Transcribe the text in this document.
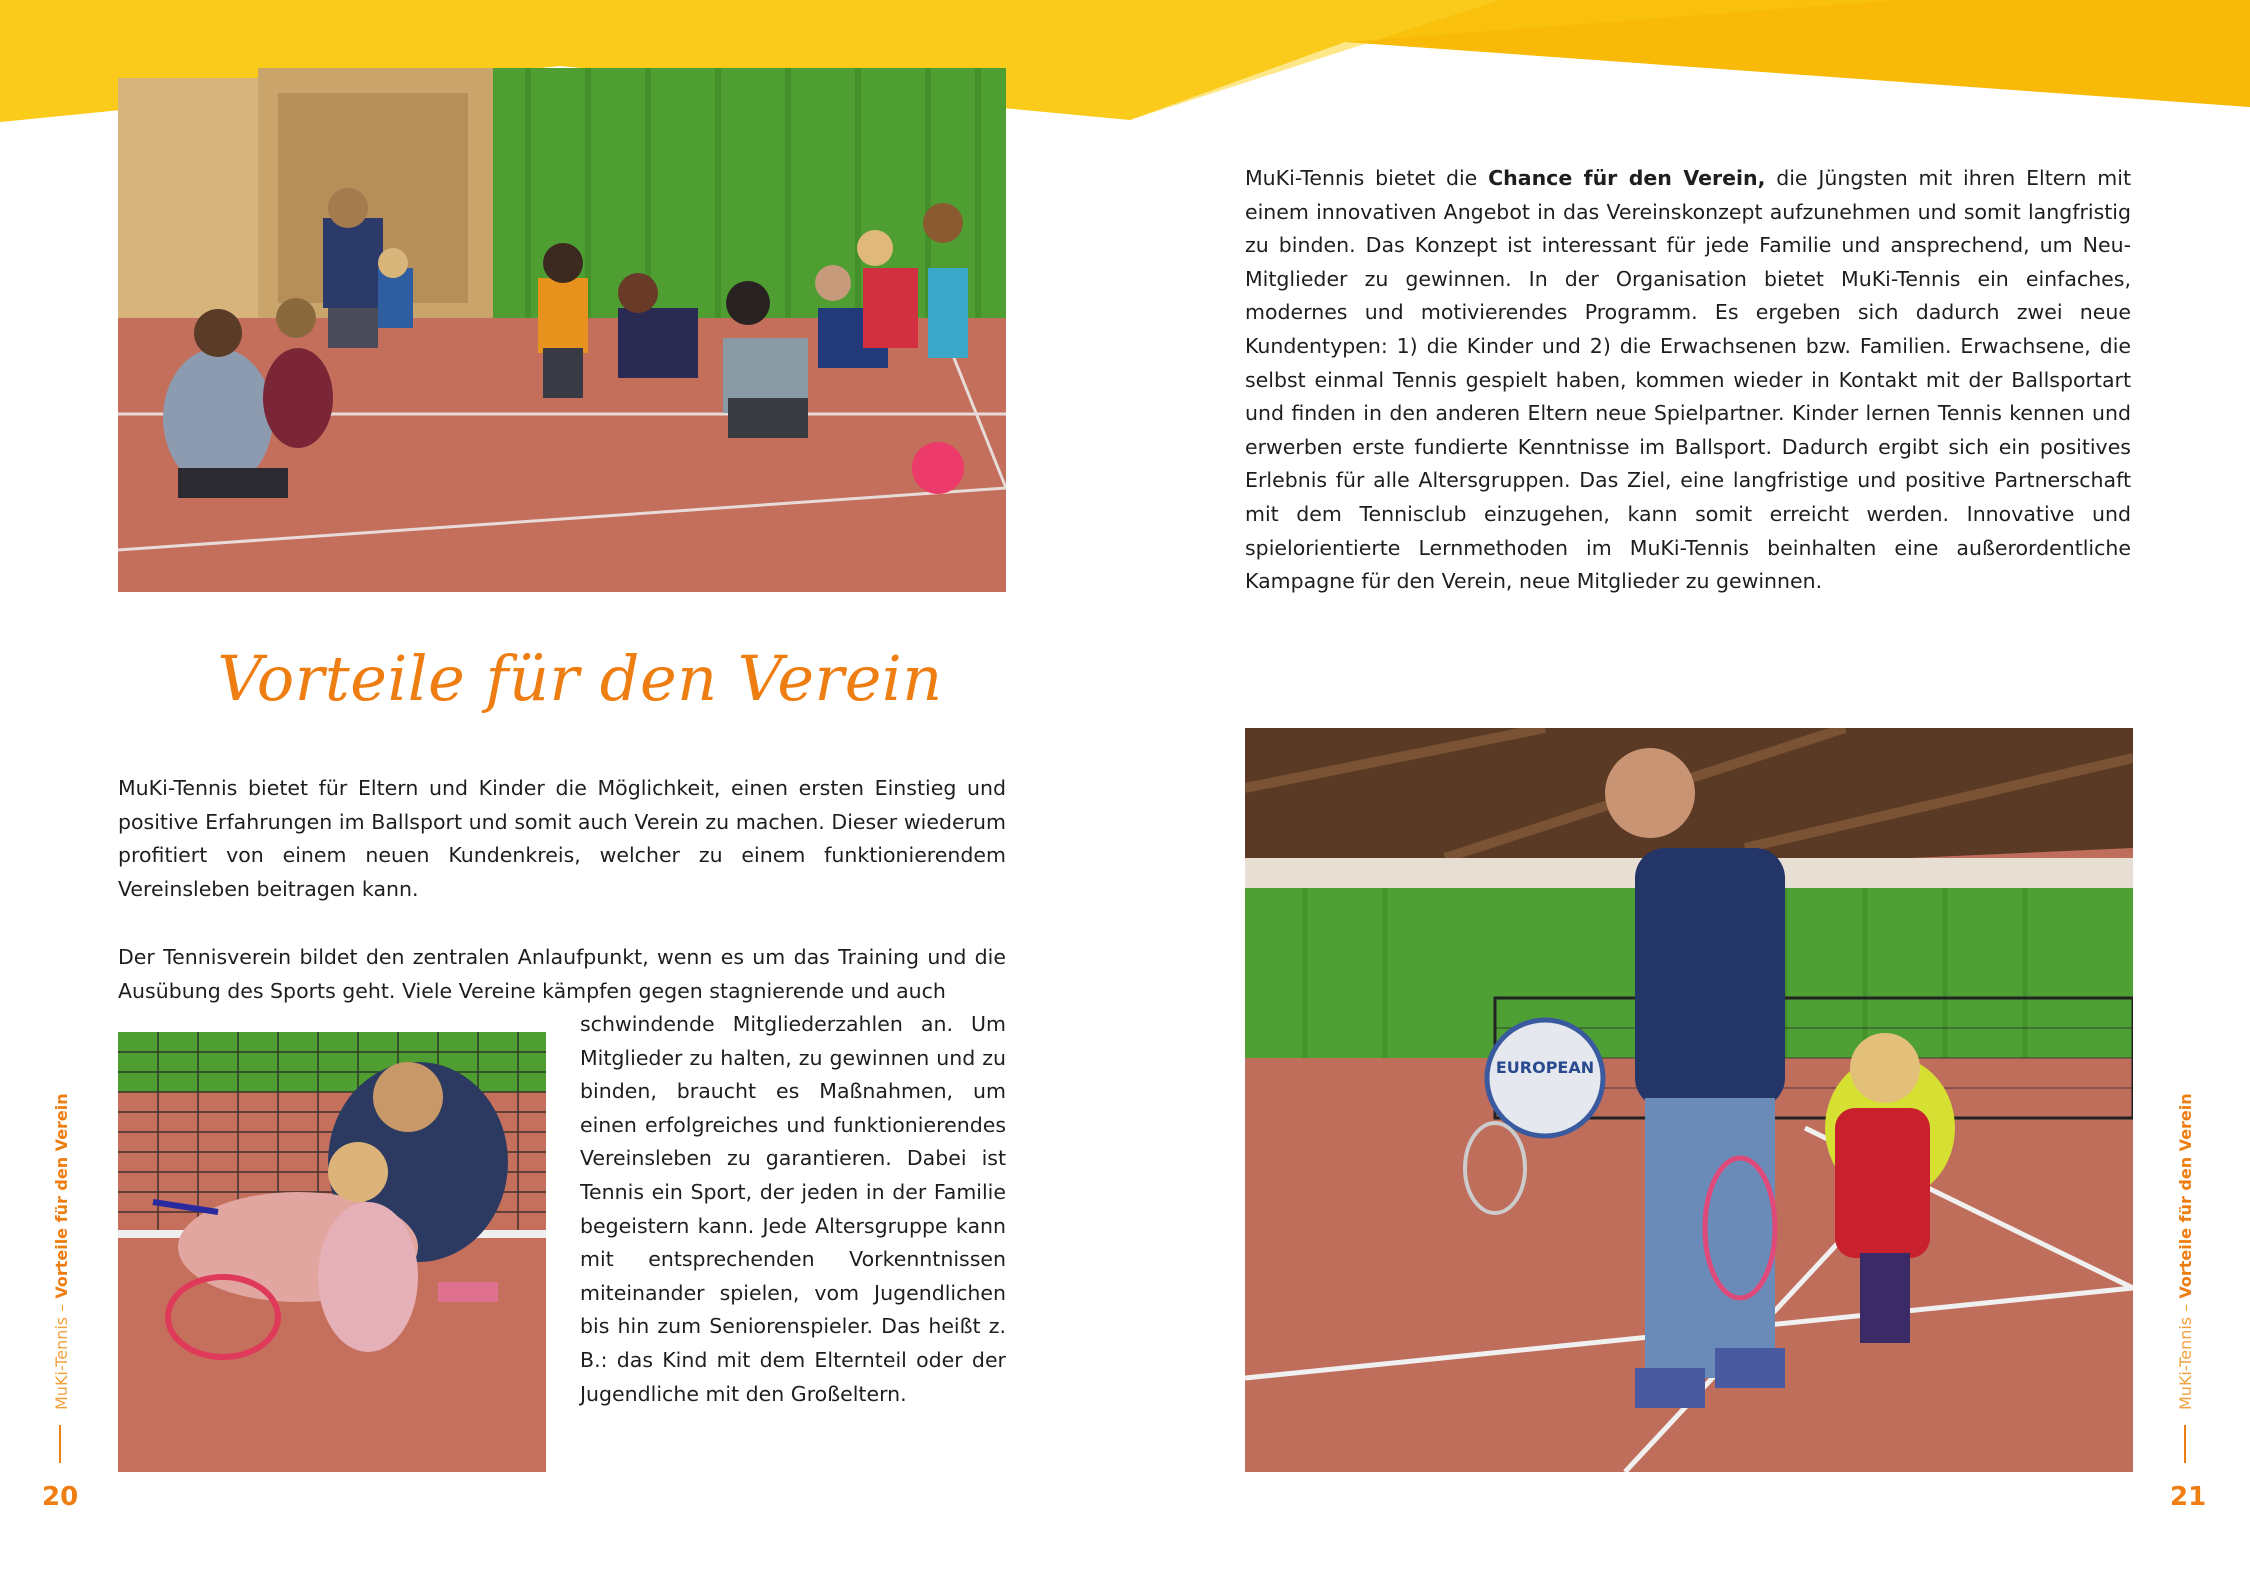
MuKi-Tennis bietet die Chance für den Verein, die Jüngsten mit ihren Eltern mit einem innovativen Angebot in das Vereinskonzept aufzunehmen und somit langfristig zu binden. Das Konzept ist interessant für jede Familie und ansprechend, um Neu-Mitglieder zu gewinnen. In der Organisation bietet MuKi-Tennis ein einfaches, modernes und motivierendes Programm. Es ergeben sich dadurch zwei neue Kundentypen: 1) die Kinder und 2) die Erwachsenen bzw. Familien. Erwachsene, die selbst einmal Tennis gespielt haben, kommen wieder in Kontakt mit der Ballsportart und finden in den anderen Eltern neue Spielpartner. Kinder lernen Tennis kennen und erwerben erste fundierte Kenntnisse im Ballsport. Dadurch ergibt sich ein positives Erlebnis für alle Altersgruppen. Das Ziel, eine langfristige und positive Partnerschaft mit dem Tennisclub einzugehen, kann somit erreicht werden. Innovative und spielorientierte Lernmethoden im MuKi-Tennis beinhalten eine außerordentliche Kampagne für den Verein, neue Mitglieder zu gewinnen.

Vorteile für den Verein

MuKi-Tennis bietet für Eltern und Kinder die Möglichkeit, einen ersten Einstieg und positive Erfahrungen im Ballsport und somit auch Verein zu machen. Dieser wiederum profitiert von einem neuen Kundenkreis, welcher zu einem funktionierendem Vereinsleben beitragen kann.

Der Tennisverein bildet den zentralen Anlaufpunkt, wenn es um das Training und die Ausübung des Sports geht. Viele Vereine kämpfen gegen stagnierende und auch

schwindende Mitgliederzahlen an. Um Mitglieder zu halten, zu gewinnen und zu binden, braucht es Maßnahmen, um einen erfolgreiches und funktionierendes Vereinsleben zu garantieren. Dabei ist Tennis ein Sport, der jeden in der Familie begeistern kann. Jede Altersgruppe kann mit entsprechenden Vorkenntnissen miteinander spielen, vom Jugendlichen bis hin zum Seniorenspieler. Das heißt z. B.: das Kind mit dem Elternteil oder der Jugendliche mit den Großeltern.

EUROPEAN
MuKi-Tennis – Vorteile für den Verein
20
MuKi-Tennis – Vorteile für den Verein
21
